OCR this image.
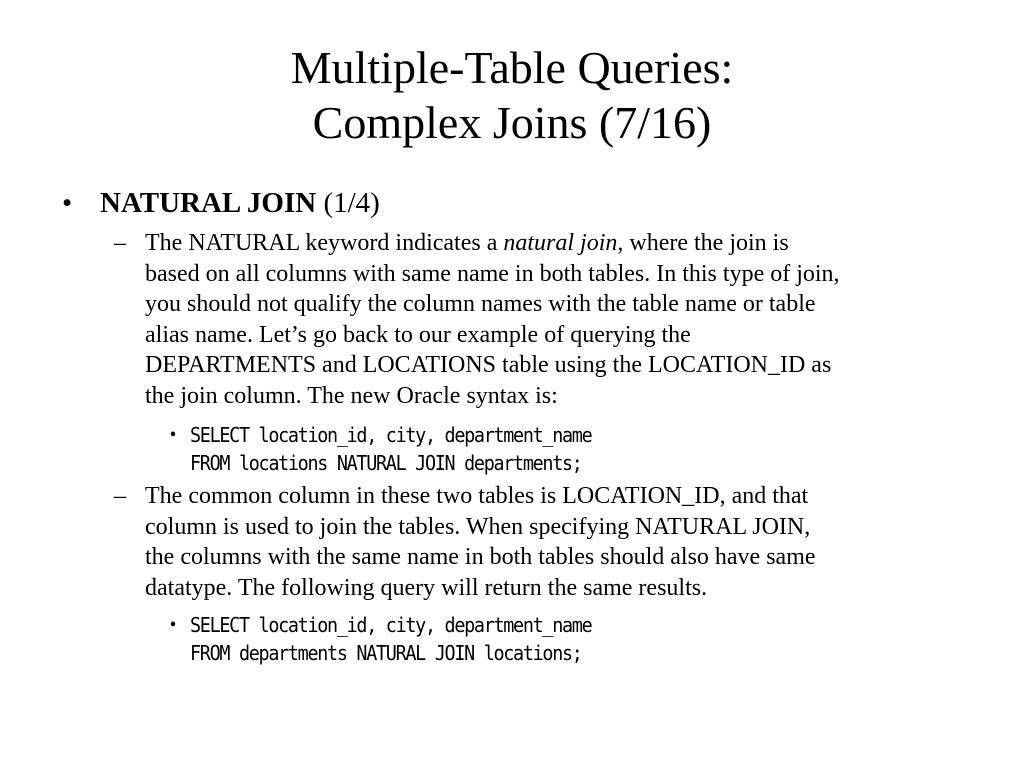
Multiple-Table Queries:
Complex Joins (7/16)
• NATURAL JOIN (1/4)
– The NATURAL keyword indicates a natural join, where the join is
based on all columns with same name in both tables. In this type of join,
you should not qualify the column names with the table name or table
alias name. Let’s go back to our example of querying the
DEPARTMENTS and LOCATIONS table using the LOCATION_ID as
the join column. The new Oracle syntax is:
• SELECT location_id, city, department_name
FROM locations NATURAL JOIN departments;
– The common column in these two tables is LOCATION_ID, and that
column is used to join the tables. When specifying NATURAL JOIN,
the columns with the same name in both tables should also have same
datatype. The following query will return the same results.
• SELECT location_id, city, department_name
FROM departments NATURAL JOIN locations;
